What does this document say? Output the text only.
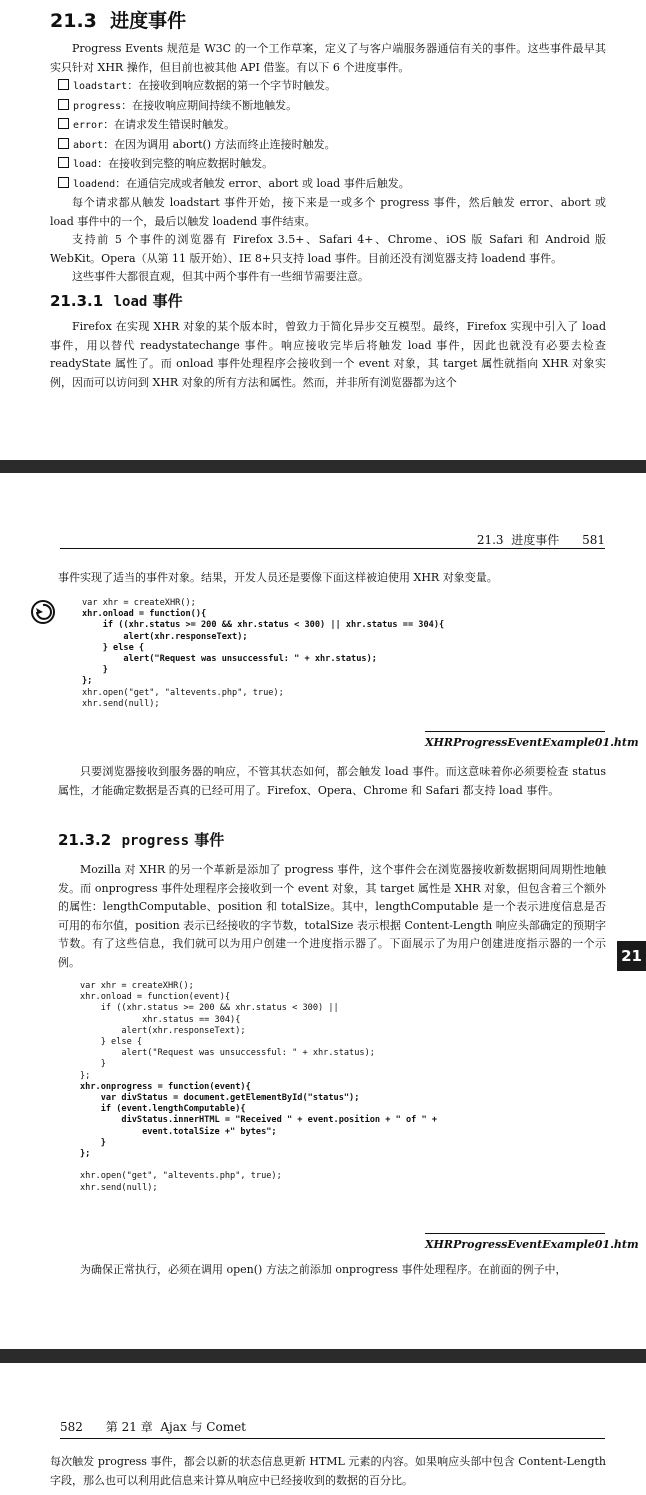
21.3 进度事件

Progress Events 规范是 W3C 的一个工作草案，定义了与客户端服务器通信有关的事件。这些事件最早其实只针对 XHR 操作，但目前也被其他 API 借鉴。有以下 6 个进度事件。

loadstart：在接收到响应数据的第一个字节时触发。
progress：在接收响应期间持续不断地触发。
error：在请求发生错误时触发。
abort：在因为调用 abort() 方法而终止连接时触发。
load：在接收到完整的响应数据时触发。
loadend：在通信完成或者触发 error、abort 或 load 事件后触发。

每个请求都从触发 loadstart 事件开始，接下来是一或多个 progress 事件，然后触发 error、abort 或 load 事件中的一个，最后以触发 loadend 事件结束。

支持前 5 个事件的浏览器有 Firefox 3.5+、Safari 4+、Chrome、iOS 版 Safari 和 Android 版 WebKit。Opera（从第 11 版开始）、IE 8+只支持 load 事件。目前还没有浏览器支持 loadend 事件。

这些事件大都很直观，但其中两个事件有一些细节需要注意。

21.3.1 load 事件

Firefox 在实现 XHR 对象的某个版本时，曾致力于简化异步交互模型。最终，Firefox 实现中引入了 load 事件，用以替代 readystatechange 事件。响应接收完毕后将触发 load 事件，因此也就没有必要去检查 readyState 属性了。而 onload 事件处理程序会接收到一个 event 对象，其 target 属性就指向 XHR 对象实例，因而可以访问到 XHR 对象的所有方法和属性。然而，并非所有浏览器都为这个

21.3 进度事件 581

事件实现了适当的事件对象。结果，开发人员还是要像下面这样被迫使用 XHR 对象变量。

var xhr = createXHR();
xhr.onload = function(){
if ((xhr.status >= 200 && xhr.status < 300) || xhr.status == 304){
alert(xhr.responseText);
} else {
alert("Request was unsuccessful: " + xhr.status);
}
};
xhr.open("get", "altevents.php", true);
xhr.send(null);

XHRProgressEventExample01.htm

只要浏览器接收到服务器的响应，不管其状态如何，都会触发 load 事件。而这意味着你必须要检查 status 属性，才能确定数据是否真的已经可用了。Firefox、Opera、Chrome 和 Safari 都支持 load 事件。

21.3.2 progress 事件

Mozilla 对 XHR 的另一个革新是添加了 progress 事件，这个事件会在浏览器接收新数据期间周期性地触发。而 onprogress 事件处理程序会接收到一个 event 对象，其 target 属性是 XHR 对象，但包含着三个额外的属性：lengthComputable、position 和 totalSize。其中，lengthComputable 是一个表示进度信息是否可用的布尔值，position 表示已经接收的字节数，totalSize 表示根据 Content-Length 响应头部确定的预期字节数。有了这些信息，我们就可以为用户创建一个进度指示器了。下面展示了为用户创建进度指示器的一个示例。	21
var xhr = createXHR();
xhr.onload = function(event){
if ((xhr.status >= 200 && xhr.status < 300) ||
xhr.status == 304){
alert(xhr.responseText);
} else {
alert("Request was unsuccessful: " + xhr.status);
}
};
xhr.onprogress = function(event){
var divStatus = document.getElementById("status");
if (event.lengthComputable){
divStatus.innerHTML = "Received " + event.position + " of " +
event.totalSize +" bytes";
}
};

xhr.open("get", "altevents.php", true);
xhr.send(null);

XHRProgressEventExample01.htm

为确保正常执行，必须在调用 open() 方法之前添加 onprogress 事件处理程序。在前面的例子中，

582 第 21 章 Ajax 与 Comet

每次触发 progress 事件，都会以新的状态信息更新 HTML 元素的内容。如果响应头部中包含 Content-Length 字段，那么也可以利用此信息来计算从响应中已经接收到的数据的百分比。
